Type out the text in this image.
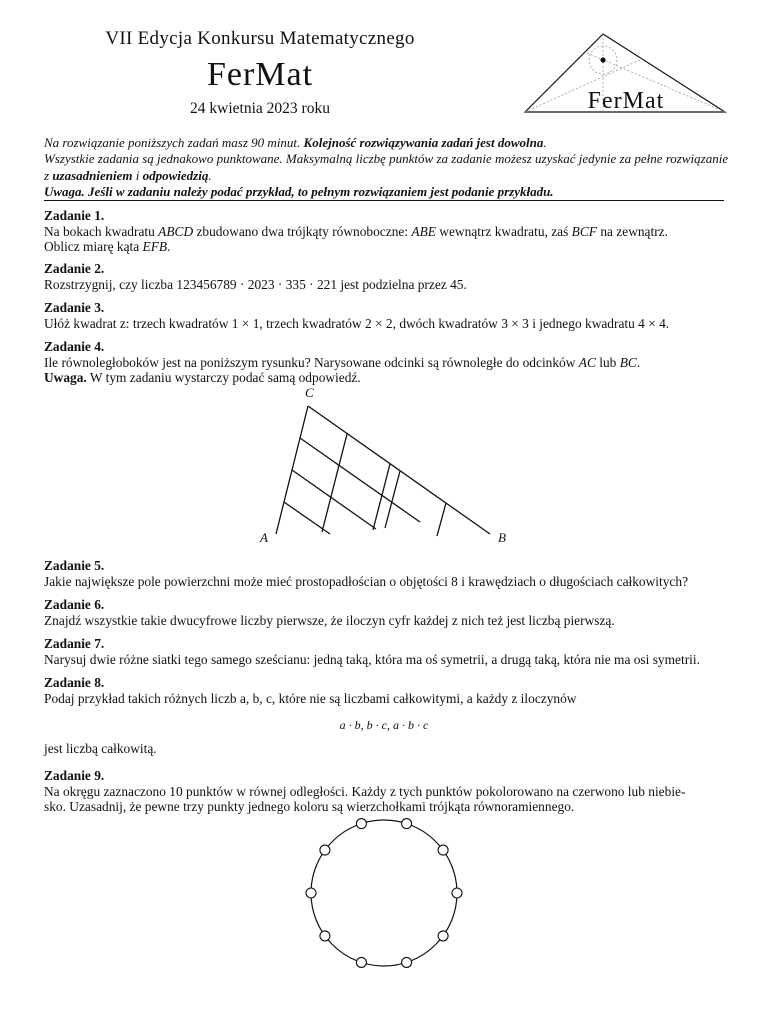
VII Edycja Konkursu Matematycznego
FerMat
24 kwietnia 2023 roku	FerMat
Na rozwiązanie poniższych zadań masz 90 minut. Kolejność rozwiązywania zadań jest dowolna.
Wszystkie zadania są jednakowo punktowane. Maksymalną liczbę punktów za zadanie możesz uzyskać jedynie za pełne rozwiązanie
z uzasadnieniem i odpowiedzią.
Uwaga. Jeśli w zadaniu należy podać przykład, to pełnym rozwiązaniem jest podanie przykładu.
Zadanie 1.
Na bokach kwadratu ABCD zbudowano dwa trójkąty równoboczne: ABE wewnątrz kwadratu, zaś BCF na zewnątrz.
Oblicz miarę kąta EFB.
Zadanie 2.
Rozstrzygnij, czy liczba 123456789 · 2023 · 335 · 221 jest podzielna przez 45.
Zadanie 3.
Ułóż kwadrat z: trzech kwadratów 1 × 1, trzech kwadratów 2 × 2, dwóch kwadratów 3 × 3 i jednego kwadratu 4 × 4.
Zadanie 4.
Ile równoległoboków jest na poniższym rysunku? Narysowane odcinki są równoległe do odcinków AC lub BC.
Uwaga. W tym zadaniu wystarczy podać samą odpowiedź.
A	B
C
Zadanie 5.
Jakie największe pole powierzchni może mieć prostopadłościan o objętości 8 i krawędziach o długościach całkowitych?
Zadanie 6.
Znajdź wszystkie takie dwucyfrowe liczby pierwsze, że iloczyn cyfr każdej z nich też jest liczbą pierwszą.
Zadanie 7.
Narysuj dwie różne siatki tego samego sześcianu: jedną taką, która ma oś symetrii, a drugą taką, która nie ma osi symetrii.
Zadanie 8.
Podaj przykład takich różnych liczb a, b, c, które nie są liczbami całkowitymi, a każdy z iloczynów
a · b, b · c, a · b · c
jest liczbą całkowitą.
Zadanie 9.
Na okręgu zaznaczono 10 punktów w równej odległości. Każdy z tych punktów pokolorowano na czerwono lub niebie-
sko. Uzasadnij, że pewne trzy punkty jednego koloru są wierzchołkami trójkąta równoramiennego.
